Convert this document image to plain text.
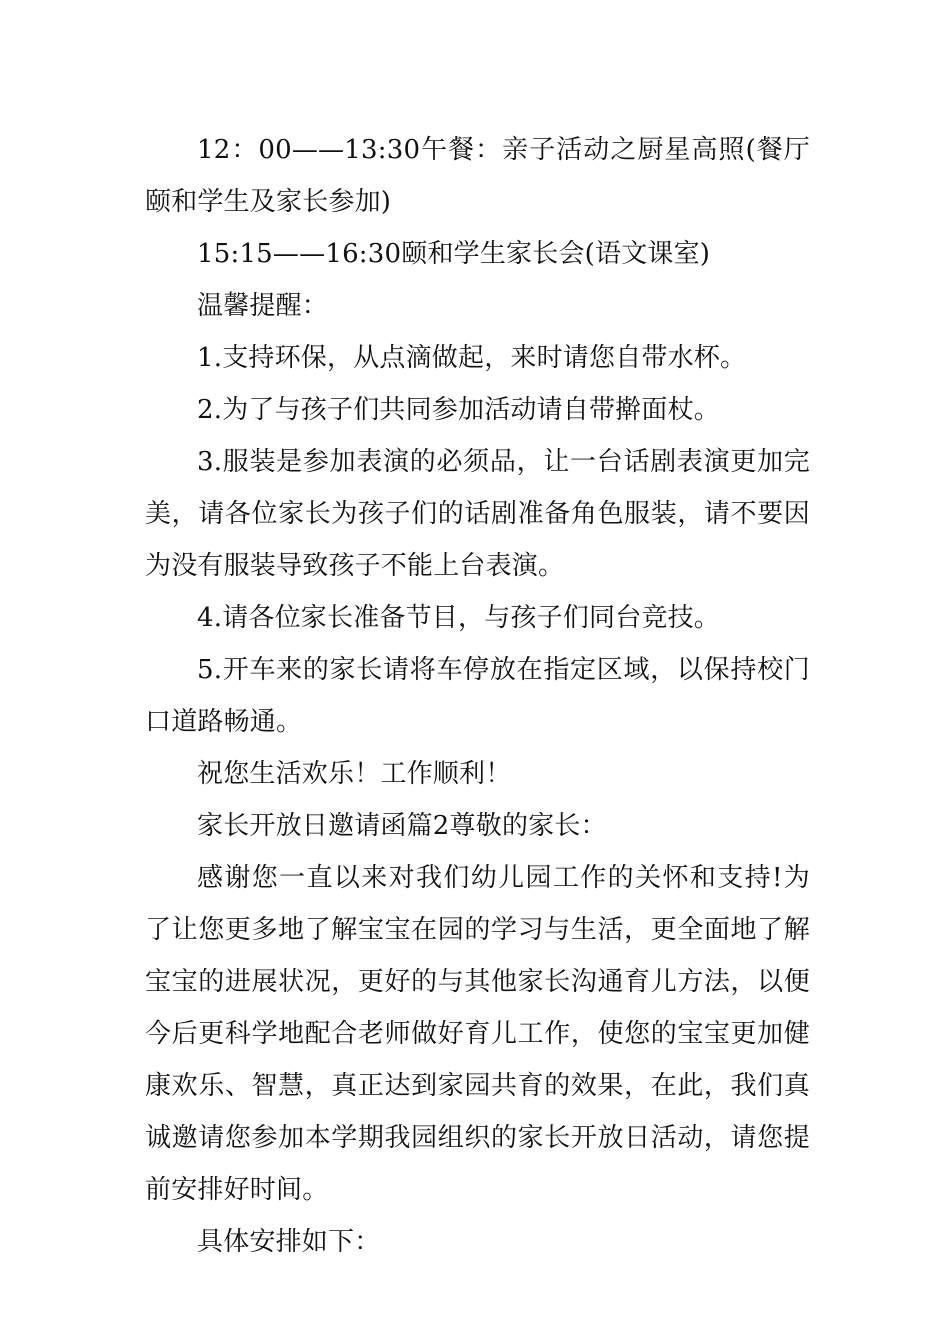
12：00——13:30午餐：亲子活动之厨星高照(餐厅颐和学生及家长参加)

15:15——16:30颐和学生家长会(语文课室)

温馨提醒：

1.支持环保，从点滴做起，来时请您自带水杯。

2.为了与孩子们共同参加活动请自带擀面杖。

3.服装是参加表演的必须品，让一台话剧表演更加完美，请各位家长为孩子们的话剧准备角色服装，请不要因为没有服装导致孩子不能上台表演。

4.请各位家长准备节目，与孩子们同台竞技。

5.开车来的家长请将车停放在指定区域，以保持校门口道路畅通。

祝您生活欢乐！工作顺利！

家长开放日邀请函篇2尊敬的家长：

感谢您一直以来对我们幼儿园工作的关怀和支持!为了让您更多地了解宝宝在园的学习与生活，更全面地了解宝宝的进展状况，更好的与其他家长沟通育儿方法，以便今后更科学地配合老师做好育儿工作，使您的宝宝更加健康欢乐、智慧，真正达到家园共育的效果，在此，我们真诚邀请您参加本学期我园组织的家长开放日活动，请您提前安排好时间。

具体安排如下：
